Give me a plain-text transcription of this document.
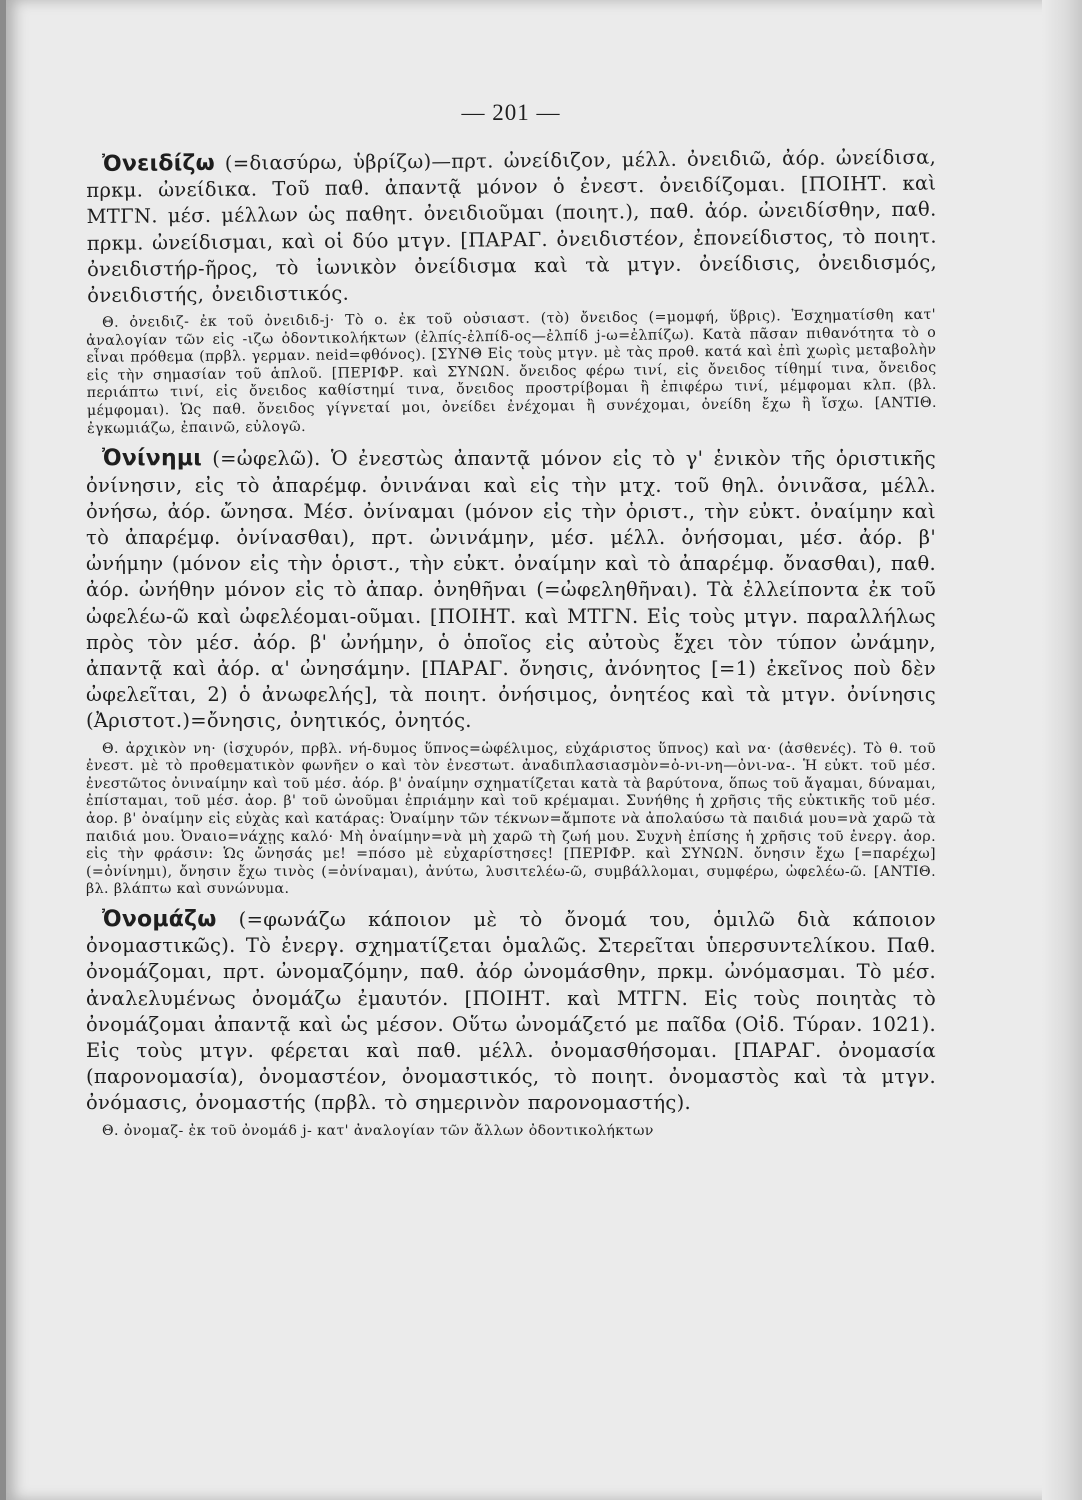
— 201 —

Ὀνειδίζω (=διασύρω, ὑβρίζω)—πρτ. ὠνείδιζον, μέλλ. ὀνειδιῶ, ἀόρ. ὠνείδισα, πρκμ. ὠνείδικα. Τοῦ παθ. ἀπαντᾷ μόνον ὁ ἐνεστ. ὀνειδίζομαι. [ΠΟΙΗΤ. καὶ ΜΤΓΝ. μέσ. μέλλων ὡς παθητ. ὀνειδιοῦμαι (ποιητ.), παθ. ἀόρ. ὠνειδίσθην, παθ. πρκμ. ὠνείδισμαι, καὶ οἱ δύο μτγν. [ΠΑΡΑΓ. ὀνειδιστέον, ἐπονείδιστος, τὸ ποιητ. ὀνειδιστήρ-ῆρος, τὸ ἰωνικὸν ὀνείδισμα καὶ τὰ μτγν. ὀνείδισις, ὀνειδισμός, ὀνειδιστής, ὀνειδιστικός.

Θ. ὀνειδιζ- ἐκ τοῦ ὀνειδιδ-j· Τὸ ο. ἐκ τοῦ οὐσιαστ. (τὸ) ὄνειδος (=μομφή, ὕβρις). Ἐσχηματίσθη κατ' ἀναλογίαν τῶν εἰς -ιζω ὀδοντικολήκτων (ἐλπίς-ἐλπίδ-ος—ἐλπίδ j-ω=ἐλπίζω). Κατὰ πᾶσαν πιθανότητα τὸ ο εἶναι πρόθεμα (πρβλ. γερμαν. neid=φθόνος). [ΣΥΝΘ Εἰς τοὺς μτγν. μὲ τὰς προθ. κατά καὶ ἐπὶ χωρὶς μεταβολὴν εἰς τὴν σημασίαν τοῦ ἁπλοῦ. [ΠΕΡΙΦΡ. καὶ ΣΥΝΩΝ. ὄνειδος φέρω τινί, εἰς ὄνειδος τίθημί τινα, ὄνειδος περιάπτω τινί, εἰς ὄνειδος καθίστημί τινα, ὄνειδος προστρίβομαι ἢ ἐπιφέρω τινί, μέμφομαι κλπ. (βλ. μέμφομαι). Ὡς παθ. ὄνειδος γίγνεταί μοι, ὀνείδει ἐνέχομαι ἢ συνέχομαι, ὀνείδη ἔχω ἢ ἴσχω. [ΑΝΤΙΘ. ἐγκωμιάζω, ἐπαινῶ, εὐλογῶ.

Ὀνίνημι (=ὠφελῶ). Ὁ ἐνεστὼς ἀπαντᾷ μόνον εἰς τὸ γ' ἑνικὸν τῆς ὁριστικῆς ὀνίνησιν, εἰς τὸ ἀπαρέμφ. ὀνινάναι καὶ εἰς τὴν μτχ. τοῦ θηλ. ὀνινᾶσα, μέλλ. ὀνήσω, ἀόρ. ὤνησα. Μέσ. ὀνίναμαι (μόνον εἰς τὴν ὁριστ., τὴν εὐκτ. ὀναίμην καὶ τὸ ἀπαρέμφ. ὀνίνασθαι), πρτ. ὠνινάμην, μέσ. μέλλ. ὀνήσομαι, μέσ. ἀόρ. β' ὠνήμην (μόνον εἰς τὴν ὁριστ., τὴν εὐκτ. ὀναίμην καὶ τὸ ἀπαρέμφ. ὄνασθαι), παθ. ἀόρ. ὠνήθην μόνον εἰς τὸ ἀπαρ. ὀνηθῆναι (=ὠφεληθῆναι). Τὰ ἐλλείποντα ἐκ τοῦ ὠφελέω-ῶ καὶ ὠφελέομαι-οῦμαι. [ΠΟΙΗΤ. καὶ ΜΤΓΝ. Εἰς τοὺς μτγν. παραλλήλως πρὸς τὸν μέσ. ἀόρ. β' ὠνήμην, ὁ ὁποῖος εἰς αὐτοὺς ἔχει τὸν τύπον ὠνάμην, ἀπαντᾷ καὶ ἀόρ. α' ὠνησάμην. [ΠΑΡΑΓ. ὄνησις, ἀνόνητος [=1) ἐκεῖνος ποὺ δὲν ὠφελεῖται, 2) ὁ ἀνωφελής], τὰ ποιητ. ὀνήσιμος, ὀνητέος καὶ τὰ μτγν. ὀνίνησις (Ἀριστοτ.)=ὄνησις, ὀνητικός, ὀνητός.

Θ. ἀρχικὸν νη· (ἰσχυρόν, πρβλ. νή-δυμος ὕπνος=ὠφέλιμος, εὐχάριστος ὕπνος) καὶ να· (ἀσθενές). Τὸ θ. τοῦ ἐνεστ. μὲ τὸ προθεματικὸν φωνῆεν ο καὶ τὸν ἐνεστωτ. ἀναδιπλασιασμὸν=ὀ-νι-νη—ὀνι-να-. Ἡ εὐκτ. τοῦ μέσ. ἐνεστῶτος ὀνιναίμην καὶ τοῦ μέσ. ἀόρ. β' ὀναίμην σχηματίζεται κατὰ τὰ βαρύτονα, ὅπως τοῦ ἄγαμαι, δύναμαι, ἐπίσταμαι, τοῦ μέσ. ἀορ. β' τοῦ ὠνοῦμαι ἐπριάμην καὶ τοῦ κρέμαμαι. Συνήθης ἡ χρῆσις τῆς εὐκτικῆς τοῦ μέσ. ἀορ. β' ὀναίμην εἰς εὐχὰς καὶ κατάρας: Ὀναίμην τῶν τέκνων=ἄμποτε νὰ ἀπολαύσω τὰ παιδιά μου=νὰ χαρῶ τὰ παιδιά μου. Ὀναιο=νάχῃς καλό· Μὴ ὀναίμην=νὰ μὴ χαρῶ τὴ ζωή μου. Συχνὴ ἐπίσης ἡ χρῆσις τοῦ ἐνεργ. ἀορ. εἰς τὴν φράσιν: Ὡς ὤνησάς με! =πόσο μὲ εὐχαρίστησες! [ΠΕΡΙΦΡ. καὶ ΣΥΝΩΝ. ὄνησιν ἔχω [=παρέχω] (=ὀνίνημι), ὄνησιν ἔχω τινὸς (=ὀνίναμαι), ἀνύτω, λυσιτελέω-ῶ, συμβάλλομαι, συμφέρω, ὠφελέω-ῶ. [ΑΝΤΙΘ. βλ. βλάπτω καὶ συνώνυμα.

Ὀνομάζω (=φωνάζω κάποιον μὲ τὸ ὄνομά του, ὁμιλῶ διὰ κάποιον ὀνομαστικῶς). Τὸ ἐνεργ. σχηματίζεται ὁμαλῶς. Στερεῖται ὑπερσυντελίκου. Παθ. ὀνομάζομαι, πρτ. ὠνομαζόμην, παθ. ἀόρ ὠνομάσθην, πρκμ. ὠνόμασμαι. Τὸ μέσ. ἀναλελυμένως ὀνομάζω ἐμαυτόν. [ΠΟΙΗΤ. καὶ ΜΤΓΝ. Εἰς τοὺς ποιητὰς τὸ ὀνομάζομαι ἀπαντᾷ καὶ ὡς μέσον. Οὕτω ὠνομάζετό με παῖδα (Οἰδ. Τύραν. 1021). Εἰς τοὺς μτγν. φέρεται καὶ παθ. μέλλ. ὀνομασθήσομαι. [ΠΑΡΑΓ. ὀνομασία (παρονομασία), ὀνομαστέον, ὀνομαστικός, τὸ ποιητ. ὀνομαστὸς καὶ τὰ μτγν. ὀνόμασις, ὀνομαστής (πρβλ. τὸ σημερινὸν παρονομαστής).

Θ. ὀνομαζ- ἐκ τοῦ ὀνομάδ j- κατ' ἀναλογίαν τῶν ἄλλων ὀδοντικολήκτων
